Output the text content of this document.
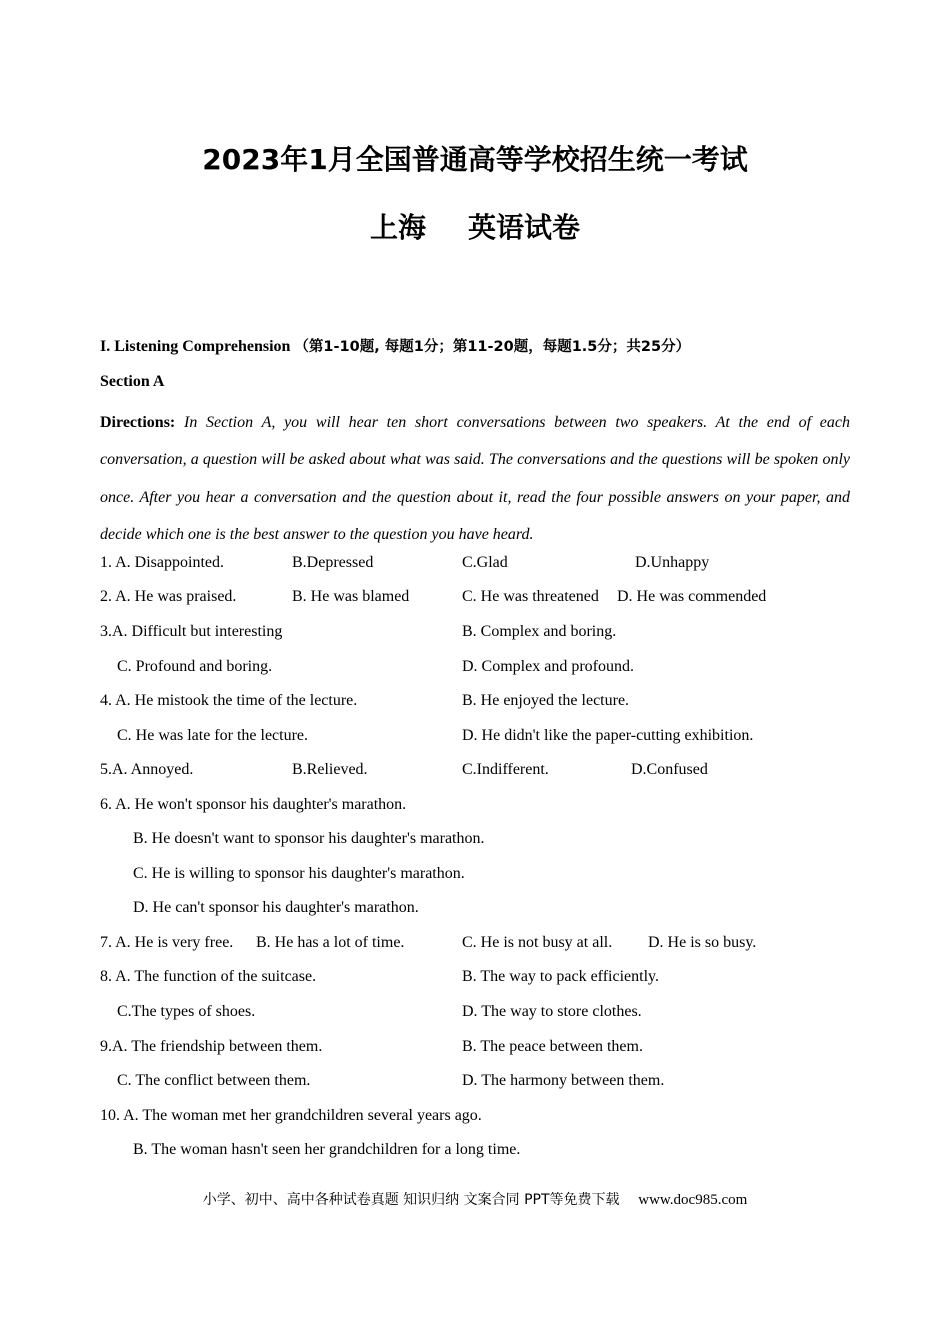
2023年1月全国普通高等学校招生统一考试
上海 英语试卷
I. Listening Comprehension （第1-10题, 每题1分；第11-20题，每题1.5分；共25分）
Section A
Directions: In Section A, you will hear ten short conversations between two speakers. At the end of each conversation, a question will be asked about what was said. The conversations and the questions will be spoken only once. After you hear a conversation and the question about it, read the four possible answers on your paper, and decide which one is the best answer to the question you have heard.
1. A. Disappointed.	B.Depressed	C.Glad	D.Unhappy
2. A. He was praised.	B. He was blamed	C. He was threatened D. He was commended
3.A. Difficult but interesting	B. Complex and boring.
C. Profound and boring.	D. Complex and profound.
4. A. He mistook the time of the lecture.	B. He enjoyed the lecture.
C. He was late for the lecture.	D. He didn't like the paper-cutting exhibition.
5.A. Annoyed.	B.Relieved.	C.Indifferent.	D.Confused
6. A. He won't sponsor his daughter's marathon.
B. He doesn't want to sponsor his daughter's marathon.
C. He is willing to sponsor his daughter's marathon.
D. He can't sponsor his daughter's marathon.
7. A. He is very free. B. He has a lot of time.	C. He is not busy at all. D. He is so busy.
8. A. The function of the suitcase.	B. The way to pack efficiently.
C.The types of shoes.	D. The way to store clothes.
9.A. The friendship between them.	B. The peace between them.
C. The conflict between them.	D. The harmony between them.
10. A. The woman met her grandchildren several years ago.
B. The woman hasn't seen her grandchildren for a long time.
小学、初中、高中各种试卷真题 知识归纳 文案合同 PPT等免费下载 www.doc985.com
